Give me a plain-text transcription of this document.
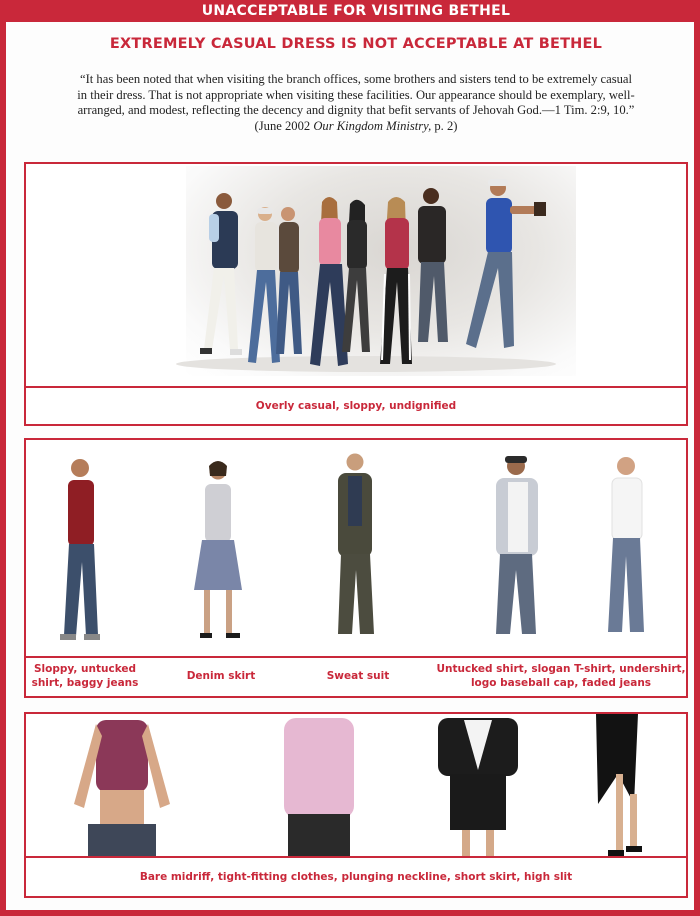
UNACCEPTABLE FOR VISITING BETHEL
EXTREMELY CASUAL DRESS IS NOT ACCEPTABLE AT BETHEL
“It has been noted that when visiting the branch offices, some brothers and sisters tend to be extremely casual in their dress. That is not appropriate when visiting these facilities. Our appearance should be exemplary, well-arranged, and modest, reflecting the decency and dignity that befit servants of Jehovah God.—1 Tim. 2:9, 10.” (June 2002 Our Kingdom Ministry, p. 2)
Overly casual, sloppy, undignified
Sloppy, untucked shirt, baggy jeans
Denim skirt	Sweat suit
Untucked shirt, slogan T-shirt, undershirt, logo baseball cap, faded jeans
Bare midriff, tight-fitting clothes, plunging neckline, short skirt, high slit
